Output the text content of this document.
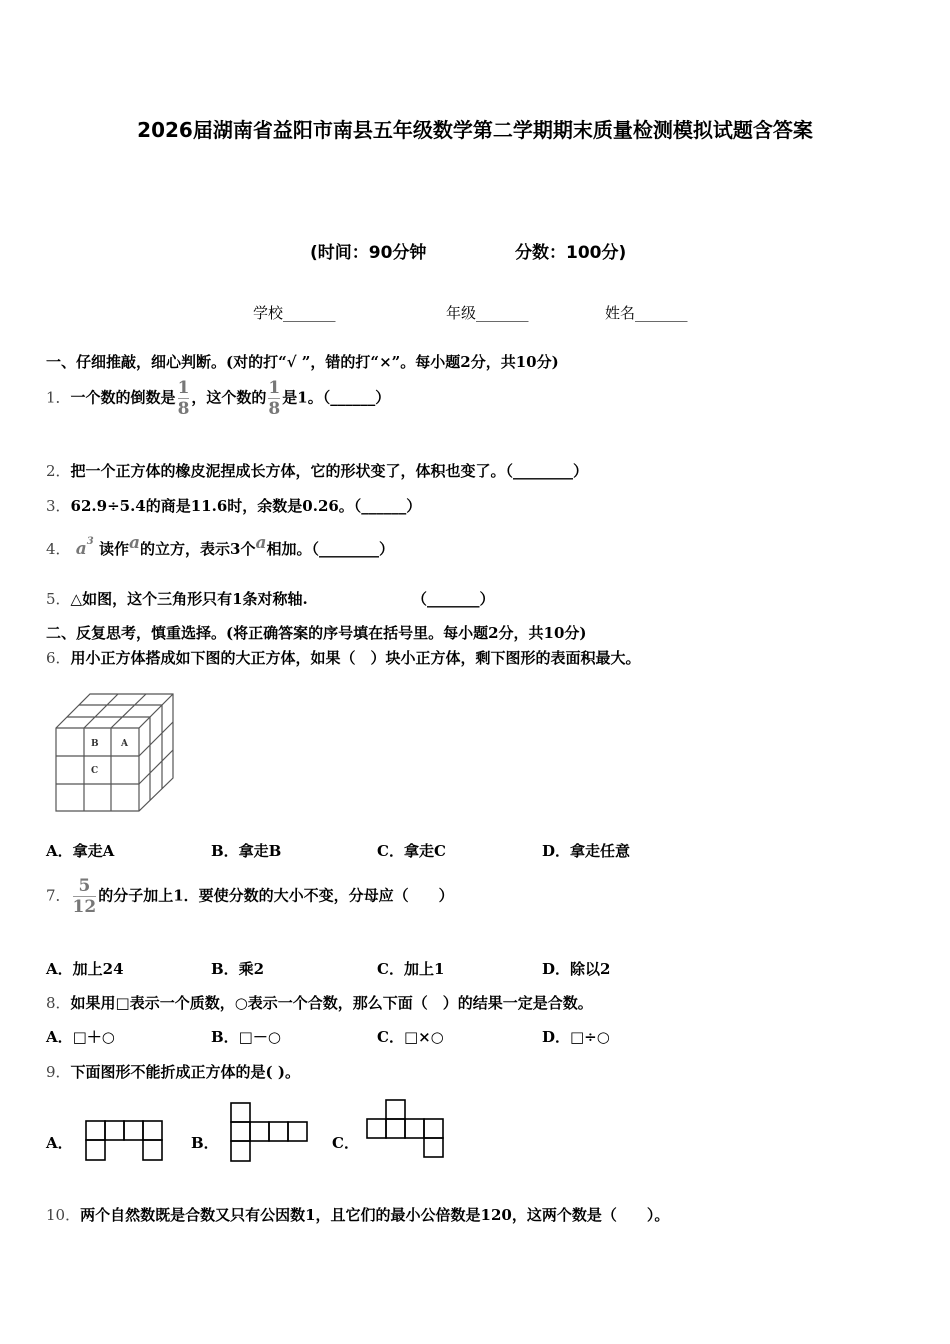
2026届湖南省益阳市南县五年级数学第二学期期末质量检测模拟试题含答案
(时间：90分钟	分数：100分)
学校_______	年级_______	姓名_______
一、仔细推敲，细心判断。(对的打“√ ”，错的打“×”。每小题2分，共10分)
1．一个数的倒数是 $\frac{1}{8}$ ，这个数的 $\frac{1}{8}$ 是1。（______）
2．把一个正方体的橡皮泥捏成长方体，它的形状变了，体积也变了。（________）
3．62.9÷5.4的商是11.6时，余数是0.26。（______）
4． $a^3$ 读作$^a$的立方，表示3个$^a$相加。（________）
5．△如图，这个三角形只有1条对称轴.	（_______）
二、反复思考，慎重选择。(将正确答案的序号填在括号里。每小题2分，共10分)
6．用小正方体搭成如下图的大正方体，如果（　）块小正方体，剩下图形的表面积最大。
B A
C
A．拿走A	B．拿走B	C．拿走C	D．拿走任意
7． $\frac{5}{12}$ 的分子加上1．要使分数的大小不变，分母应（　　）
A．加上24	B．乘2	C．加上1	D．除以2
8．如果用□表示一个质数，○表示一个合数，那么下面（　）的结果一定是合数。
A．□＋○	B．□－○	C．□×○	D．□÷○
9．下面图形不能折成正方体的是( )。
A．	B．	C．
10．两个自然数既是合数又只有公因数1，且它们的最小公倍数是120，这两个数是（　　）。
